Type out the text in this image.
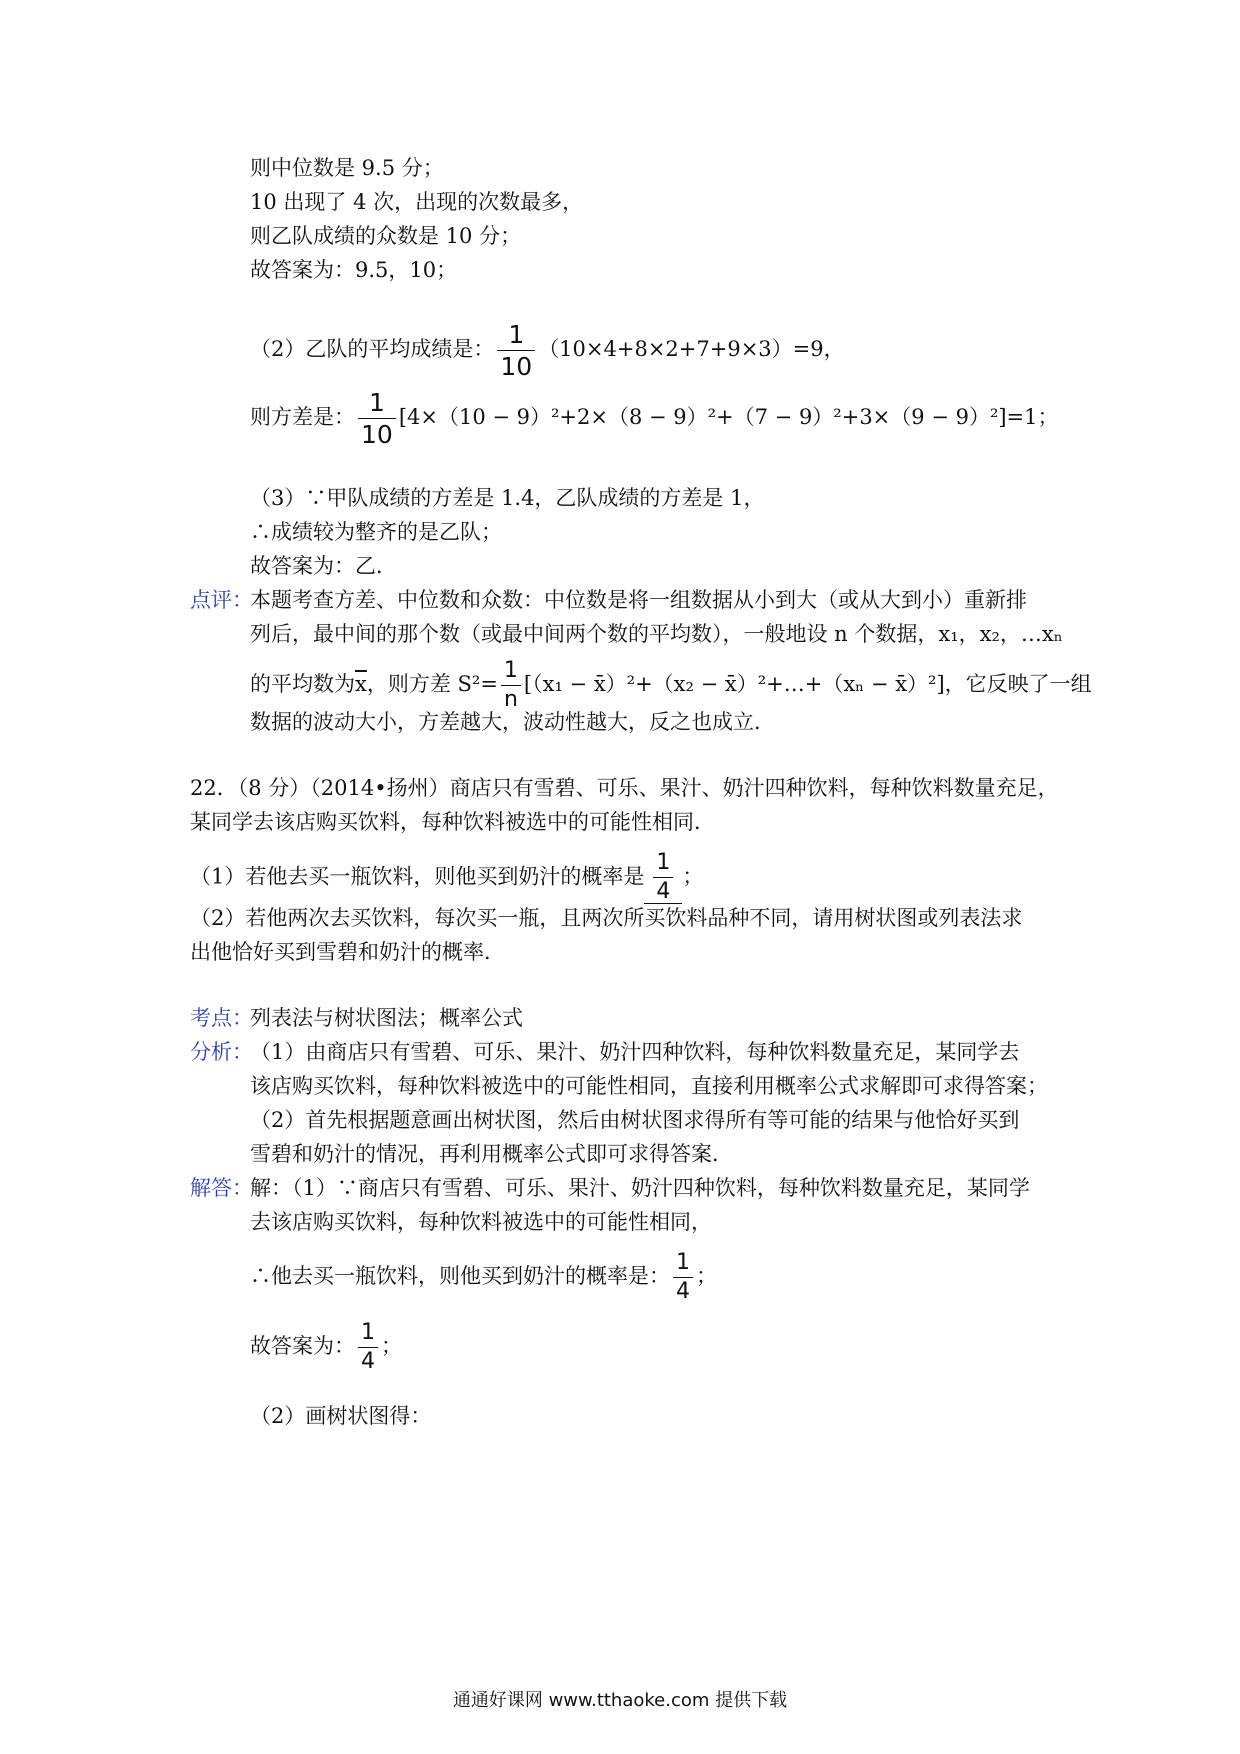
则中位数是 9.5 分；
10 出现了 4 次，出现的次数最多，
则乙队成绩的众数是 10 分；
故答案为：9.5，10；
（2）乙队的平均成绩是： $\frac{1}{10} (10\times 4+8\times 2+7+9\times 3)=9$，
则方差是： $\frac{1}{10} [4\times(10 - 9)^2+2\times(8 - 9)^2+(7 - 9)^2+3\times(9 - 9)^2]=1$；
（3）∵甲队成绩的方差是 1.4，乙队成绩的方差是 1，
∴成绩较为整齐的是乙队；
故答案为：乙．
点评：
本题考查方差、中位数和众数：中位数是将一组数据从小到大（或从大到小）重新排
列后，最中间的那个数（或最中间两个数的平均数），一般地设 n 个数据，x₁，x₂，…xₙ
的平均数为$\overline{x}$，则方差 $S^2= \frac{1}{n} [(x_1$ − x̄）²+（x₂ − x̄）²+…+（xₙ − x̄）²]，它反映了一组
数据的波动大小，方差越大，波动性越大，反之也成立．
22．（8 分）（2014•扬州）商店只有雪碧、可乐、果汁、奶汁四种饮料，每种饮料数量充足，
某同学去该店购买饮料，每种饮料被选中的可能性相同．
（1）若他去买一瓶饮料，则他买到奶汁的概率是 $\frac{1}{4}$ ；
（2）若他两次去买饮料，每次买一瓶，且两次所买饮料品种不同，请用树状图或列表法求
出他恰好买到雪碧和奶汁的概率．
考点：
列表法与树状图法；概率公式
分析：
（1）由商店只有雪碧、可乐、果汁、奶汁四种饮料，每种饮料数量充足，某同学去
该店购买饮料，每种饮料被选中的可能性相同，直接利用概率公式求解即可求得答案；
（2）首先根据题意画出树状图，然后由树状图求得所有等可能的结果与他恰好买到
雪碧和奶汁的情况，再利用概率公式即可求得答案．
解答：
解：（1）∵商店只有雪碧、可乐、果汁、奶汁四种饮料，每种饮料数量充足，某同学
去该店购买饮料，每种饮料被选中的可能性相同，
∴他去买一瓶饮料，则他买到奶汁的概率是： $\frac{1}{4}$ ；
故答案为： $\frac{1}{4}$ ；
（2）画树状图得：
通通好课网 www.tthaoke.com 提供下载
